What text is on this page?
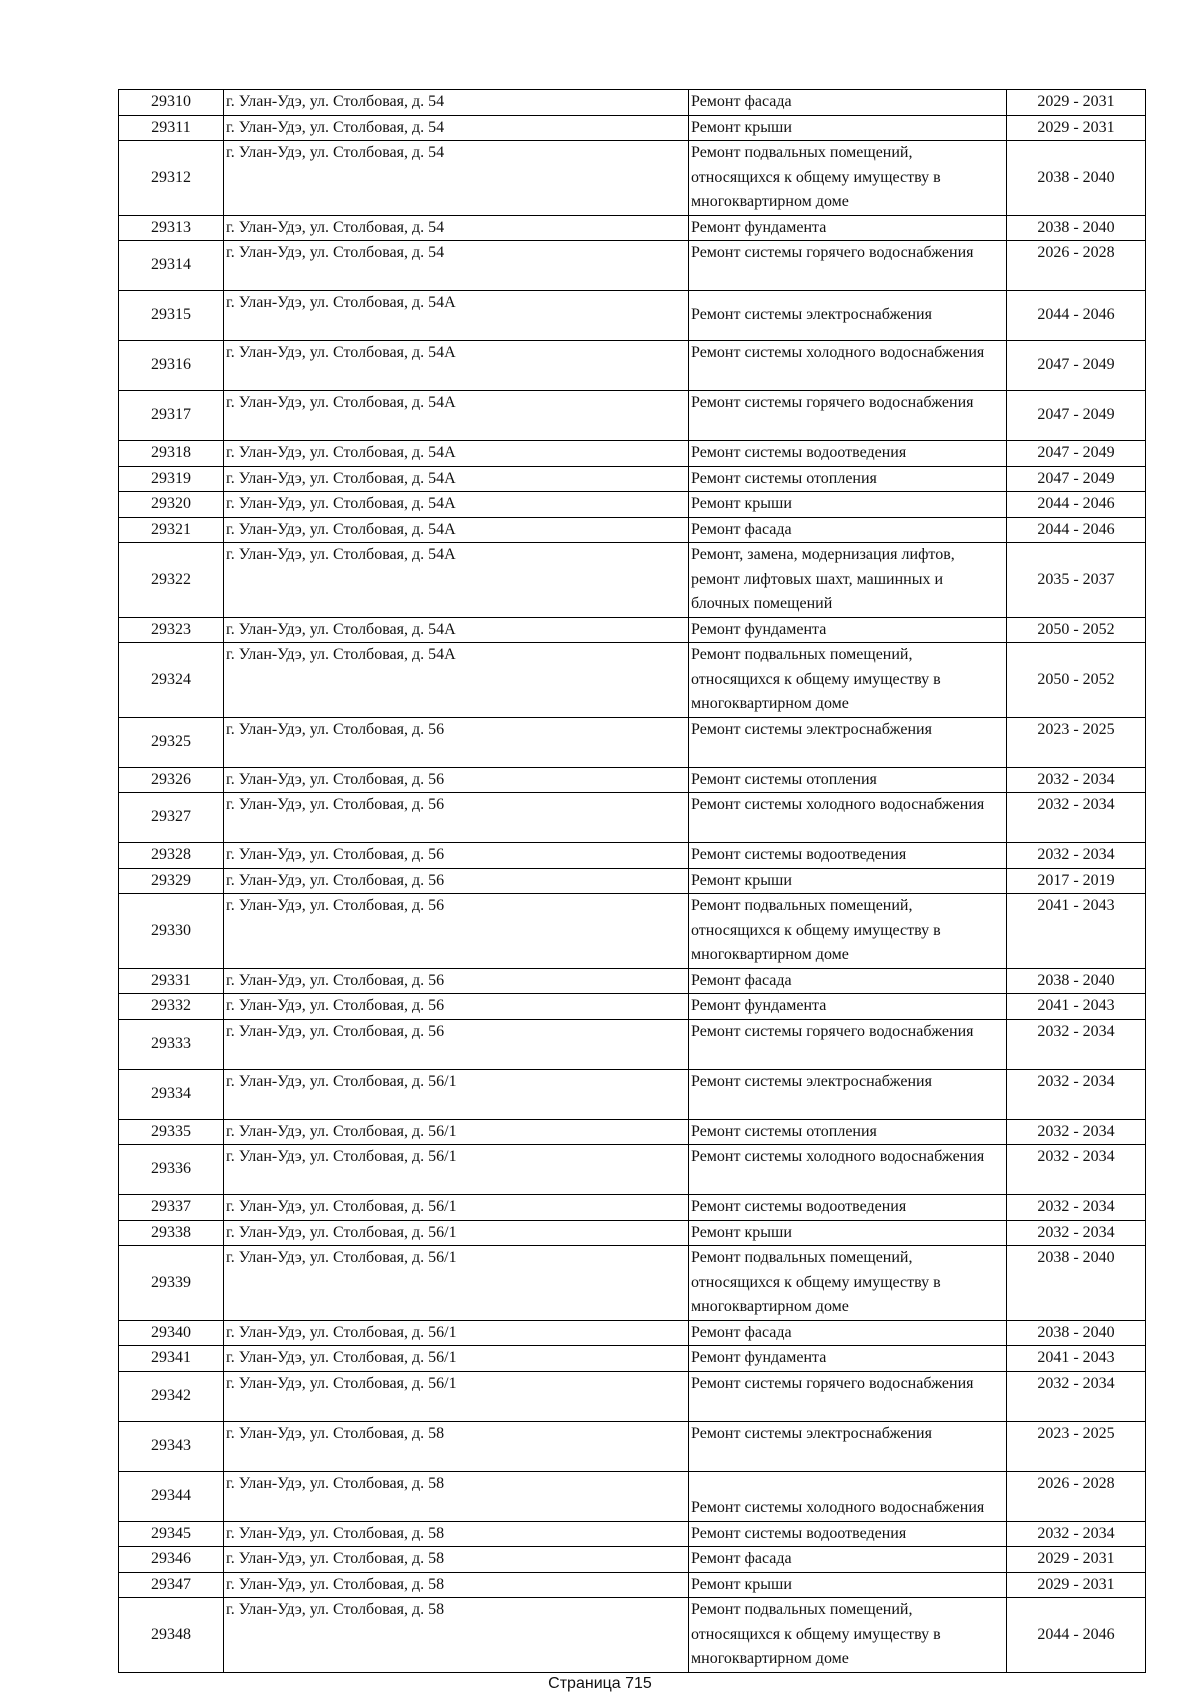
29310	г. Улан-Удэ, ул. Столбовая, д. 54	Ремонт фасада	2029 - 2031
29311	г. Улан-Удэ, ул. Столбовая, д. 54	Ремонт крыши	2029 - 2031
29312	г. Улан-Удэ, ул. Столбовая, д. 54	Ремонт подвальных помещений, относящихся к общему имуществу в многоквартирном доме	2038 - 2040
29313	г. Улан-Удэ, ул. Столбовая, д. 54	Ремонт фундамента	2038 - 2040
29314	г. Улан-Удэ, ул. Столбовая, д. 54	Ремонт системы горячего водоснабжения	2026 - 2028
29315	г. Улан-Удэ, ул. Столбовая, д. 54А	Ремонт системы электроснабжения	2044 - 2046
29316	г. Улан-Удэ, ул. Столбовая, д. 54А	Ремонт системы холодного водоснабжения	2047 - 2049
29317	г. Улан-Удэ, ул. Столбовая, д. 54А	Ремонт системы горячего водоснабжения	2047 - 2049
29318	г. Улан-Удэ, ул. Столбовая, д. 54А	Ремонт системы водоотведения	2047 - 2049
29319	г. Улан-Удэ, ул. Столбовая, д. 54А	Ремонт системы отопления	2047 - 2049
29320	г. Улан-Удэ, ул. Столбовая, д. 54А	Ремонт крыши	2044 - 2046
29321	г. Улан-Удэ, ул. Столбовая, д. 54А	Ремонт фасада	2044 - 2046
29322	г. Улан-Удэ, ул. Столбовая, д. 54А	Ремонт, замена, модернизация лифтов, ремонт лифтовых шахт, машинных и блочных помещений	2035 - 2037
29323	г. Улан-Удэ, ул. Столбовая, д. 54А	Ремонт фундамента	2050 - 2052
29324	г. Улан-Удэ, ул. Столбовая, д. 54А	Ремонт подвальных помещений, относящихся к общему имуществу в многоквартирном доме	2050 - 2052
29325	г. Улан-Удэ, ул. Столбовая, д. 56	Ремонт системы электроснабжения	2023 - 2025
29326	г. Улан-Удэ, ул. Столбовая, д. 56	Ремонт системы отопления	2032 - 2034
29327	г. Улан-Удэ, ул. Столбовая, д. 56	Ремонт системы холодного водоснабжения	2032 - 2034
29328	г. Улан-Удэ, ул. Столбовая, д. 56	Ремонт системы водоотведения	2032 - 2034
29329	г. Улан-Удэ, ул. Столбовая, д. 56	Ремонт крыши	2017 - 2019
29330	г. Улан-Удэ, ул. Столбовая, д. 56	Ремонт подвальных помещений, относящихся к общему имуществу в многоквартирном доме	2041 - 2043
29331	г. Улан-Удэ, ул. Столбовая, д. 56	Ремонт фасада	2038 - 2040
29332	г. Улан-Удэ, ул. Столбовая, д. 56	Ремонт фундамента	2041 - 2043
29333	г. Улан-Удэ, ул. Столбовая, д. 56	Ремонт системы горячего водоснабжения	2032 - 2034
29334	г. Улан-Удэ, ул. Столбовая, д. 56/1	Ремонт системы электроснабжения	2032 - 2034
29335	г. Улан-Удэ, ул. Столбовая, д. 56/1	Ремонт системы отопления	2032 - 2034
29336	г. Улан-Удэ, ул. Столбовая, д. 56/1	Ремонт системы холодного водоснабжения	2032 - 2034
29337	г. Улан-Удэ, ул. Столбовая, д. 56/1	Ремонт системы водоотведения	2032 - 2034
29338	г. Улан-Удэ, ул. Столбовая, д. 56/1	Ремонт крыши	2032 - 2034
29339	г. Улан-Удэ, ул. Столбовая, д. 56/1	Ремонт подвальных помещений, относящихся к общему имуществу в многоквартирном доме	2038 - 2040
29340	г. Улан-Удэ, ул. Столбовая, д. 56/1	Ремонт фасада	2038 - 2040
29341	г. Улан-Удэ, ул. Столбовая, д. 56/1	Ремонт фундамента	2041 - 2043
29342	г. Улан-Удэ, ул. Столбовая, д. 56/1	Ремонт системы горячего водоснабжения	2032 - 2034
29343	г. Улан-Удэ, ул. Столбовая, д. 58	Ремонт системы электроснабжения	2023 - 2025
29344	г. Улан-Удэ, ул. Столбовая, д. 58	Ремонт системы холодного водоснабжения	2026 - 2028
29345	г. Улан-Удэ, ул. Столбовая, д. 58	Ремонт системы водоотведения	2032 - 2034
29346	г. Улан-Удэ, ул. Столбовая, д. 58	Ремонт фасада	2029 - 2031
29347	г. Улан-Удэ, ул. Столбовая, д. 58	Ремонт крыши	2029 - 2031
29348	г. Улан-Удэ, ул. Столбовая, д. 58	Ремонт подвальных помещений, относящихся к общему имуществу в многоквартирном доме	2044 - 2046
Страница 715
